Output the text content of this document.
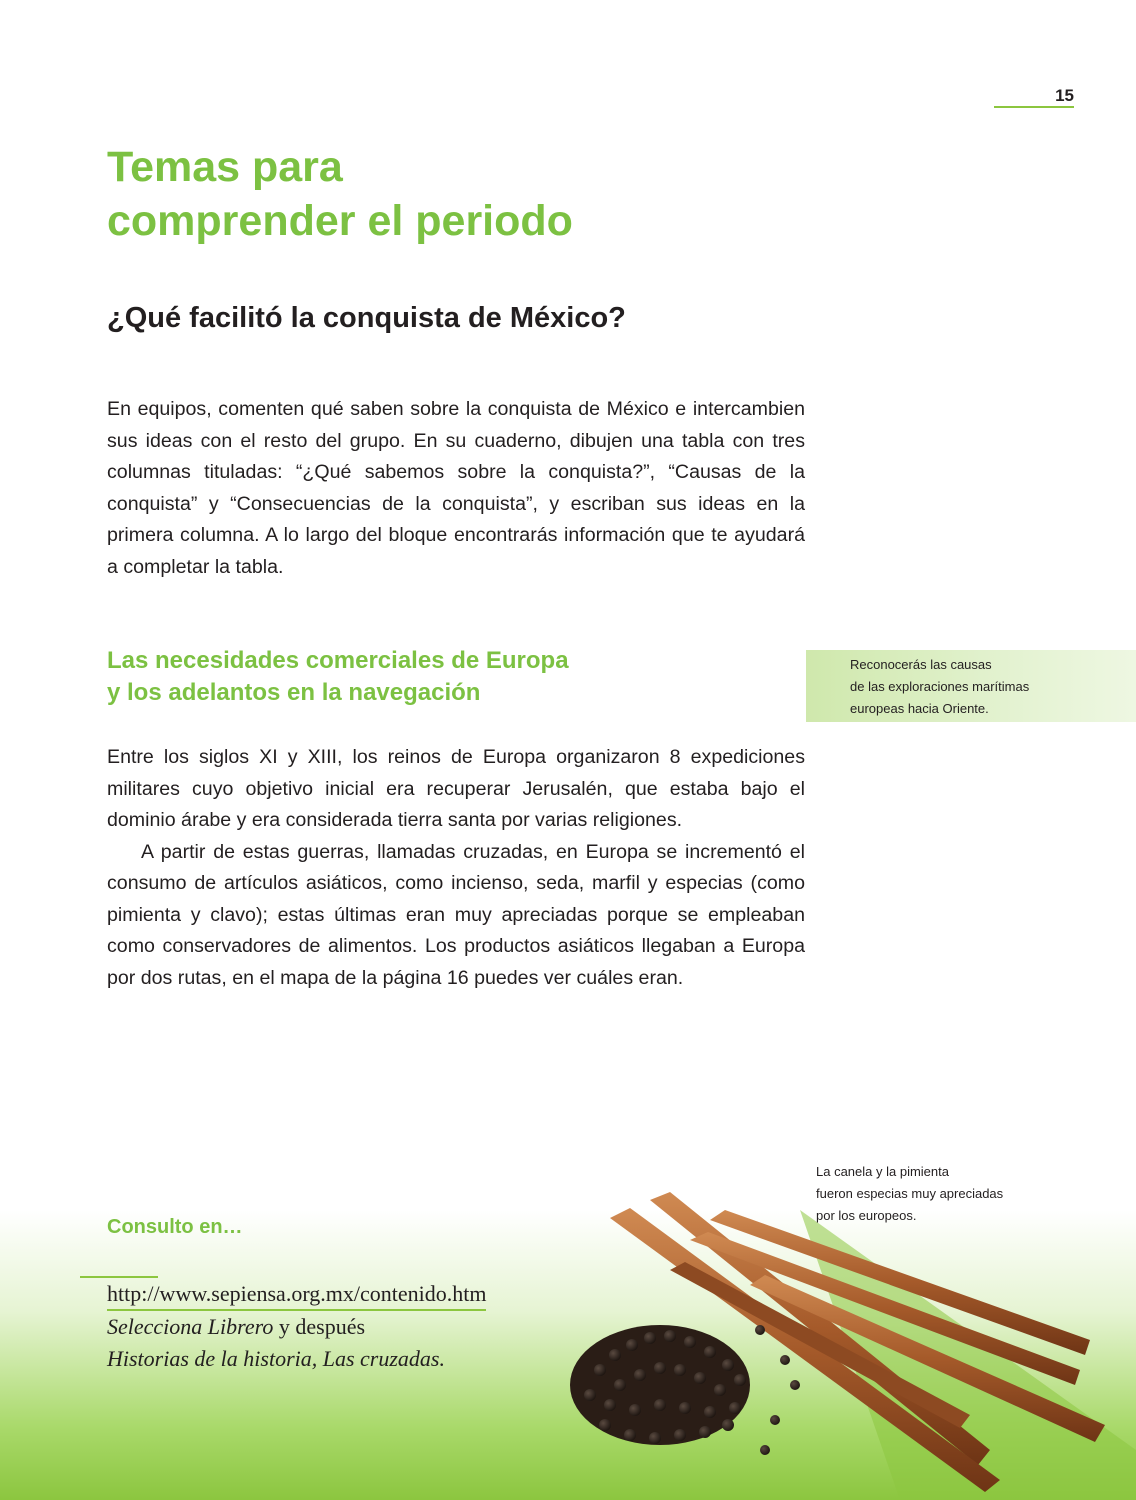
15
Temas para
comprender el periodo
¿Qué facilitó la conquista de México?

En equipos, comenten qué saben sobre la conquista de México e intercambien sus ideas con el resto del grupo. En su cuaderno, dibujen una tabla con tres columnas tituladas: “¿Qué sabemos sobre la conquista?”, “Causas de la conquista” y “Consecuencias de la conquista”, y escriban sus ideas en la primera columna. A lo largo del bloque encontrarás información que te ayudará a completar la tabla.

Las necesidades comerciales de Europa
y los adelantos en la navegación

Reconocerás las causas
de las exploraciones marítimas
europeas hacia Oriente.

Entre los siglos XI y XIII, los reinos de Europa organizaron 8 expediciones militares cuyo objetivo inicial era recuperar Jerusalén, que estaba bajo el dominio árabe y era considerada tierra santa por varias religiones.

A partir de estas guerras, llamadas cruzadas, en Europa se incrementó el consumo de artículos asiáticos, como incienso, seda, marfil y especias (como pimienta y clavo); estas últimas eran muy apreciadas porque se empleaban como conservadores de alimentos. Los productos asiáticos llegaban a Europa por dos rutas, en el mapa de la página 16 puedes ver cuáles eran.

La canela y la pimienta
fueron especias muy apreciadas
por los europeos.

Consulto en…
http://www.sepiensa.org.mx/contenido.htm
Selecciona Librero y después
Historias de la historia, Las cruzadas.
